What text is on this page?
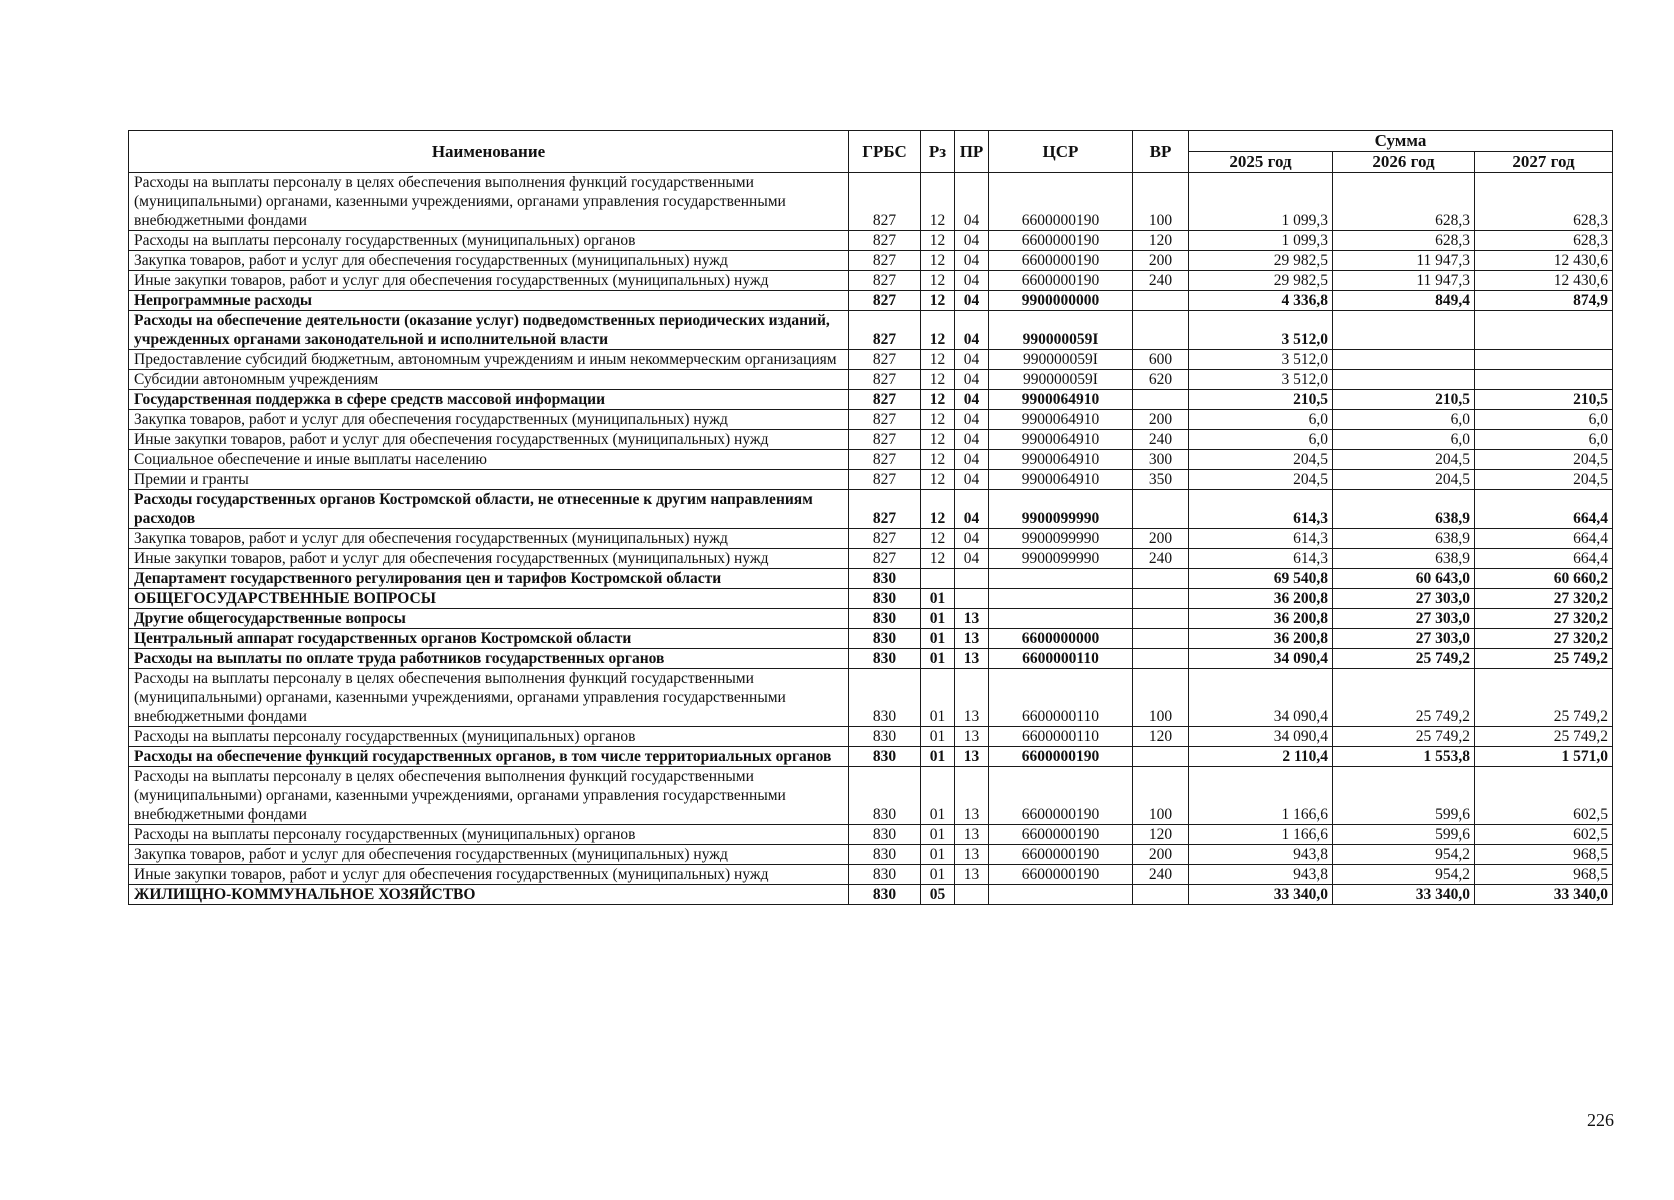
Наименование	ГРБС	Рз	ПР	ЦСР	ВР	Сумма		
						2025 год	2026 год	2027 год
Расходы на выплаты персоналу в целях обеспечения выполнения функций государственными (муниципальными) органами, казенными учреждениями, органами управления государственными внебюджетными фондами	827	12	04	6600000190	100	1 099,3	628,3	628,3
Расходы на выплаты персоналу государственных (муниципальных) органов	827	12	04	6600000190	120	1 099,3	628,3	628,3
Закупка товаров, работ и услуг для обеспечения государственных (муниципальных) нужд	827	12	04	6600000190	200	29 982,5	11 947,3	12 430,6
Иные закупки товаров, работ и услуг для обеспечения государственных (муниципальных) нужд	827	12	04	6600000190	240	29 982,5	11 947,3	12 430,6
Непрограммные расходы	827	12	04	9900000000		4 336,8	849,4	874,9
Расходы на обеспечение деятельности (оказание услуг) подведомственных периодических изданий, учрежденных органами законодательной и исполнительной власти	827	12	04	990000059I		3 512,0		
Предоставление субсидий бюджетным, автономным учреждениям и иным некоммерческим организациям	827	12	04	990000059I	600	3 512,0		
Субсидии автономным учреждениям	827	12	04	990000059I	620	3 512,0		
Государственная поддержка в сфере средств массовой информации	827	12	04	9900064910		210,5	210,5	210,5
Закупка товаров, работ и услуг для обеспечения государственных (муниципальных) нужд	827	12	04	9900064910	200	6,0	6,0	6,0
Иные закупки товаров, работ и услуг для обеспечения государственных (муниципальных) нужд	827	12	04	9900064910	240	6,0	6,0	6,0
Социальное обеспечение и иные выплаты населению	827	12	04	9900064910	300	204,5	204,5	204,5
Премии и гранты	827	12	04	9900064910	350	204,5	204,5	204,5
Расходы государственных органов Костромской области, не отнесенные к другим направлениям расходов	827	12	04	9900099990		614,3	638,9	664,4
Закупка товаров, работ и услуг для обеспечения государственных (муниципальных) нужд	827	12	04	9900099990	200	614,3	638,9	664,4
Иные закупки товаров, работ и услуг для обеспечения государственных (муниципальных) нужд	827	12	04	9900099990	240	614,3	638,9	664,4
Департамент государственного регулирования цен и тарифов Костромской области	830					69 540,8	60 643,0	60 660,2
ОБЩЕГОСУДАРСТВЕННЫЕ ВОПРОСЫ	830	01				36 200,8	27 303,0	27 320,2
Другие общегосударственные вопросы	830	01	13			36 200,8	27 303,0	27 320,2
Центральный аппарат государственных органов Костромской области	830	01	13	6600000000		36 200,8	27 303,0	27 320,2
Расходы на выплаты по оплате труда работников государственных органов	830	01	13	6600000110		34 090,4	25 749,2	25 749,2
Расходы на выплаты персоналу в целях обеспечения выполнения функций государственными (муниципальными) органами, казенными учреждениями, органами управления государственными внебюджетными фондами	830	01	13	6600000110	100	34 090,4	25 749,2	25 749,2
Расходы на выплаты персоналу государственных (муниципальных) органов	830	01	13	6600000110	120	34 090,4	25 749,2	25 749,2
Расходы на обеспечение функций государственных органов, в том числе территориальных органов	830	01	13	6600000190		2 110,4	1 553,8	1 571,0
Расходы на выплаты персоналу в целях обеспечения выполнения функций государственными (муниципальными) органами, казенными учреждениями, органами управления государственными внебюджетными фондами	830	01	13	6600000190	100	1 166,6	599,6	602,5
Расходы на выплаты персоналу государственных (муниципальных) органов	830	01	13	6600000190	120	1 166,6	599,6	602,5
Закупка товаров, работ и услуг для обеспечения государственных (муниципальных) нужд	830	01	13	6600000190	200	943,8	954,2	968,5
Иные закупки товаров, работ и услуг для обеспечения государственных (муниципальных) нужд	830	01	13	6600000190	240	943,8	954,2	968,5
ЖИЛИЩНО-КОММУНАЛЬНОЕ ХОЗЯЙСТВО	830	05				33 340,0	33 340,0	33 340,0
226
